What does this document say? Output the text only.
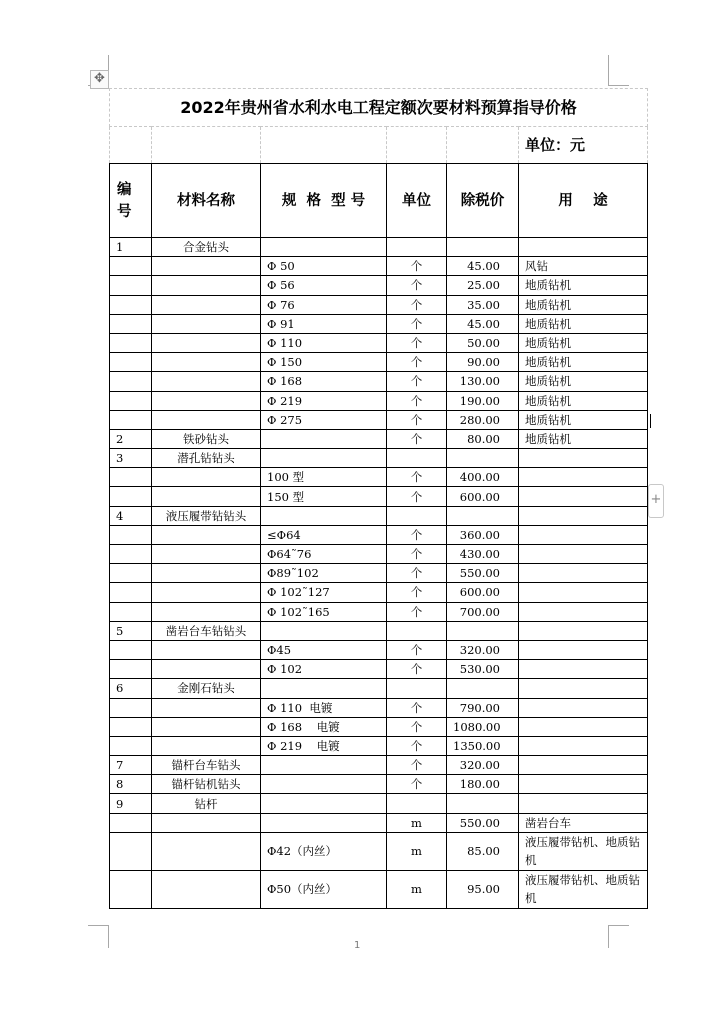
✥
+
2022年贵州省水利水电工程定额次要材料预算指导价格					
					单位：元
编号	材料名称	规  格  型 号	单位	除税价	用    途
1	合金钻头				
		Φ 50	个	45.00	风钻
		Φ 56	个	25.00	地质钻机
		Φ 76	个	35.00	地质钻机
		Φ 91	个	45.00	地质钻机
		Φ 110	个	50.00	地质钻机
		Φ 150	个	90.00	地质钻机
		Φ 168	个	130.00	地质钻机
		Φ 219	个	190.00	地质钻机
		Φ 275	个	280.00	地质钻机
2	铁砂钻头		个	80.00	地质钻机
3	潜孔钻钻头				
		100 型	个	400.00	
		150 型	个	600.00	
4	液压履带钻钻头				
		≤Φ64	个	360.00	
		Φ64˜76	个	430.00	
		Φ89˜102	个	550.00	
		Φ 102˜127	个	600.00	
		Φ 102˜165	个	700.00	
5	凿岩台车钻钻头				
		Φ45	个	320.00	
		Φ 102	个	530.00	
6	金刚石钻头				
		Φ 110  电镀	个	790.00	
		Φ 168    电镀	个	1080.00	
		Φ 219    电镀	个	1350.00	
7	锚杆台车钻头		个	320.00	
8	锚杆钻机钻头		个	180.00	
9	钻杆				
			m	550.00	凿岩台车
		Φ42（内丝）	m	85.00	液压履带钻机、地质钻机
		Φ50（内丝）	m	95.00	液压履带钻机、地质钻机
1
